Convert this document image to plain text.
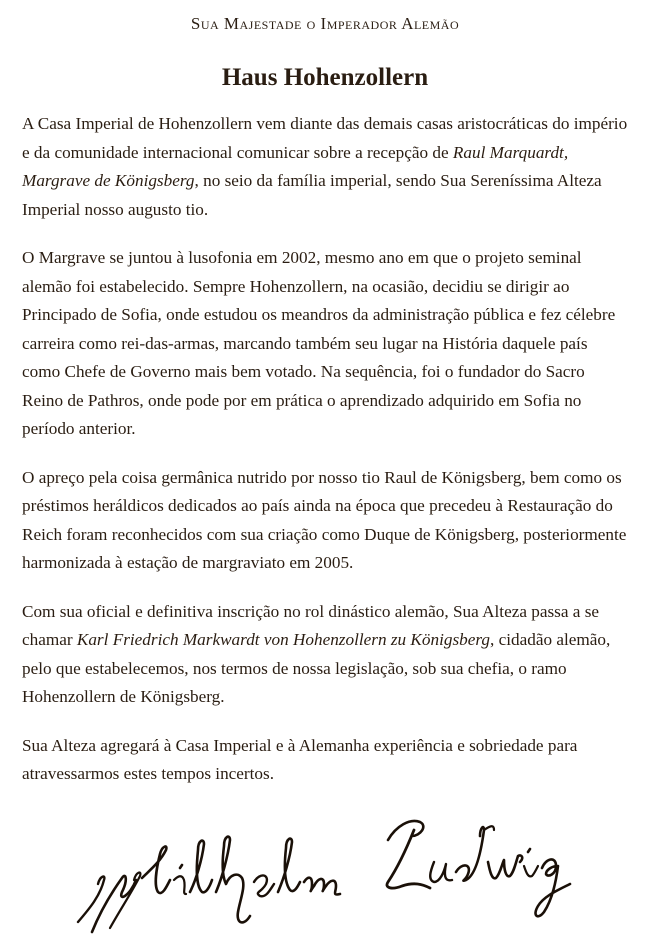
Sua Majestade o Imperador Alemão
Haus Hohenzollern

A Casa Imperial de Hohenzollern vem diante das demais casas aristocráticas do império e da comunidade internacional comunicar sobre a recepção de Raul Marquardt, Margrave de Königsberg, no seio da família imperial, sendo Sua Sereníssima Alteza Imperial nosso augusto tio.

O Margrave se juntou à lusofonia em 2002, mesmo ano em que o projeto seminal alemão foi estabelecido. Sempre Hohenzollern, na ocasião, decidiu se dirigir ao Principado de Sofia, onde estudou os meandros da administração pública e fez célebre carreira como rei-das-armas, marcando também seu lugar na História daquele país como Chefe de Governo mais bem votado. Na sequência, foi o fundador do Sacro Reino de Pathros, onde pode por em prática o aprendizado adquirido em Sofia no período anterior.

O apreço pela coisa germânica nutrido por nosso tio Raul de Königsberg, bem como os préstimos heráldicos dedicados ao país ainda na época que precedeu à Restauração do Reich foram reconhecidos com sua criação como Duque de Königsberg, posteriormente harmonizada à estação de margraviato em 2005.

Com sua oficial e definitiva inscrição no rol dinástico alemão, Sua Alteza passa a se chamar Karl Friedrich Markwardt von Hohenzollern zu Königsberg, cidadão alemão, pelo que estabelecemos, nos termos de nossa legislação, sob sua chefia, o ramo Hohenzollern de Königsberg.

Sua Alteza agregará à Casa Imperial e à Alemanha experiência e sobriedade para atravessarmos estes tempos incertos.
